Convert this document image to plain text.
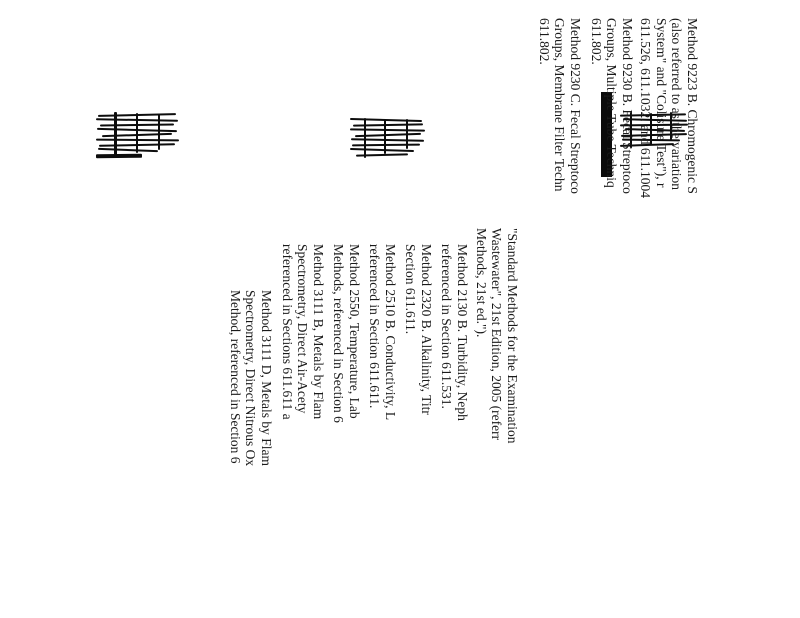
Method 9223 B. Chromogenic S
(also referred to as the variation
System" and "Colisure Test"), r
611.526, 611.1032, and 611.1004
Method 9230 B. Fecal Streptoco
Groups, Multiple Tube Techniq
611.802.
Method 9230 C. Fecal Streptoco
Groups, Membrane Filter Techn
611.802.
"Standard Methods for the Examination
Wastewater", 21st Edition, 2005 (referr
Methods, 21st ed.").
Method 2130 B. Turbidity, Neph
referenced in Section 611.531.
Method 2320 B. Alkalinity, Titr
Section 611.611.
Method 2510 B. Conductivity, L
referenced in Section 611.611.
Method 2550, Temperature, Lab
Methods, referenced in Section 6
Method 3111 B, Metals by Flam
Spectrometry, Direct Air-Acety
referenced in Sections 611.611 a
Method 3111 D, Metals by Flam
Spectrometry, Direct Nitrous Ox
Method, referenced in Section 6
